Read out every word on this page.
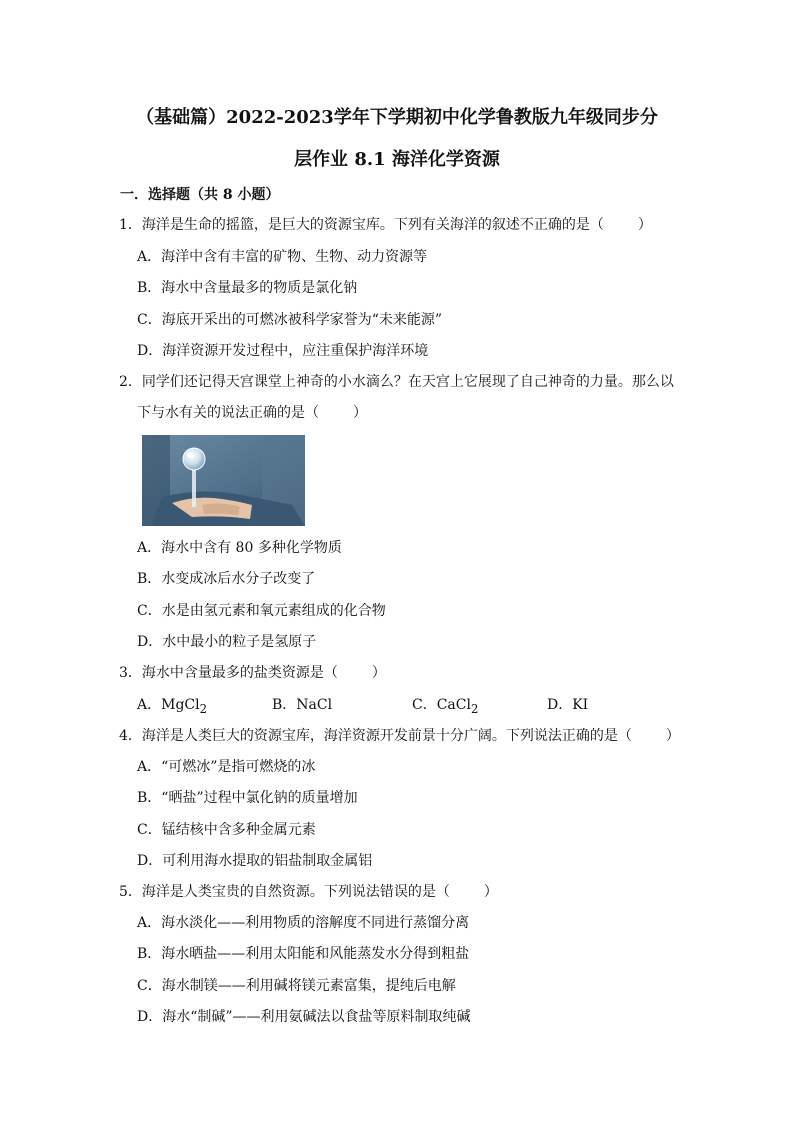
（基础篇）2022-2023学年下学期初中化学鲁教版九年级同步分
层作业 8.1 海洋化学资源
一．选择题（共 8 小题）
1．海洋是生命的摇篮，是巨大的资源宝库。下列有关海洋的叙述不正确的是（ ）
A．海洋中含有丰富的矿物、生物、动力资源等
B．海水中含量最多的物质是氯化钠
C．海底开采出的可燃冰被科学家誉为“未来能源”
D．海洋资源开发过程中，应注重保护海洋环境
2．同学们还记得天宫课堂上神奇的小水滴么？在天宫上它展现了自己神奇的力量。那么以
下与水有关的说法正确的是（ ）
A．海水中含有 80 多种化学物质
B．水变成冰后水分子改变了
C．水是由氢元素和氧元素组成的化合物
D．水中最小的粒子是氢原子
3．海水中含量最多的盐类资源是（ ）
A．MgCl$_2$	B．NaCl	C．CaCl$_2$	D．KI
4．海洋是人类巨大的资源宝库，海洋资源开发前景十分广阔。下列说法正确的是（ ）
A．“可燃冰”是指可燃烧的冰
B．“晒盐”过程中氯化钠的质量增加
C．锰结核中含多种金属元素
D．可利用海水提取的铝盐制取金属铝
5．海洋是人类宝贵的自然资源。下列说法错误的是（ ）
A．海水淡化——利用物质的溶解度不同进行蒸馏分离
B．海水晒盐——利用太阳能和风能蒸发水分得到粗盐
C．海水制镁——利用碱将镁元素富集，提纯后电解
D．海水“制碱”——利用氨碱法以食盐等原料制取纯碱
